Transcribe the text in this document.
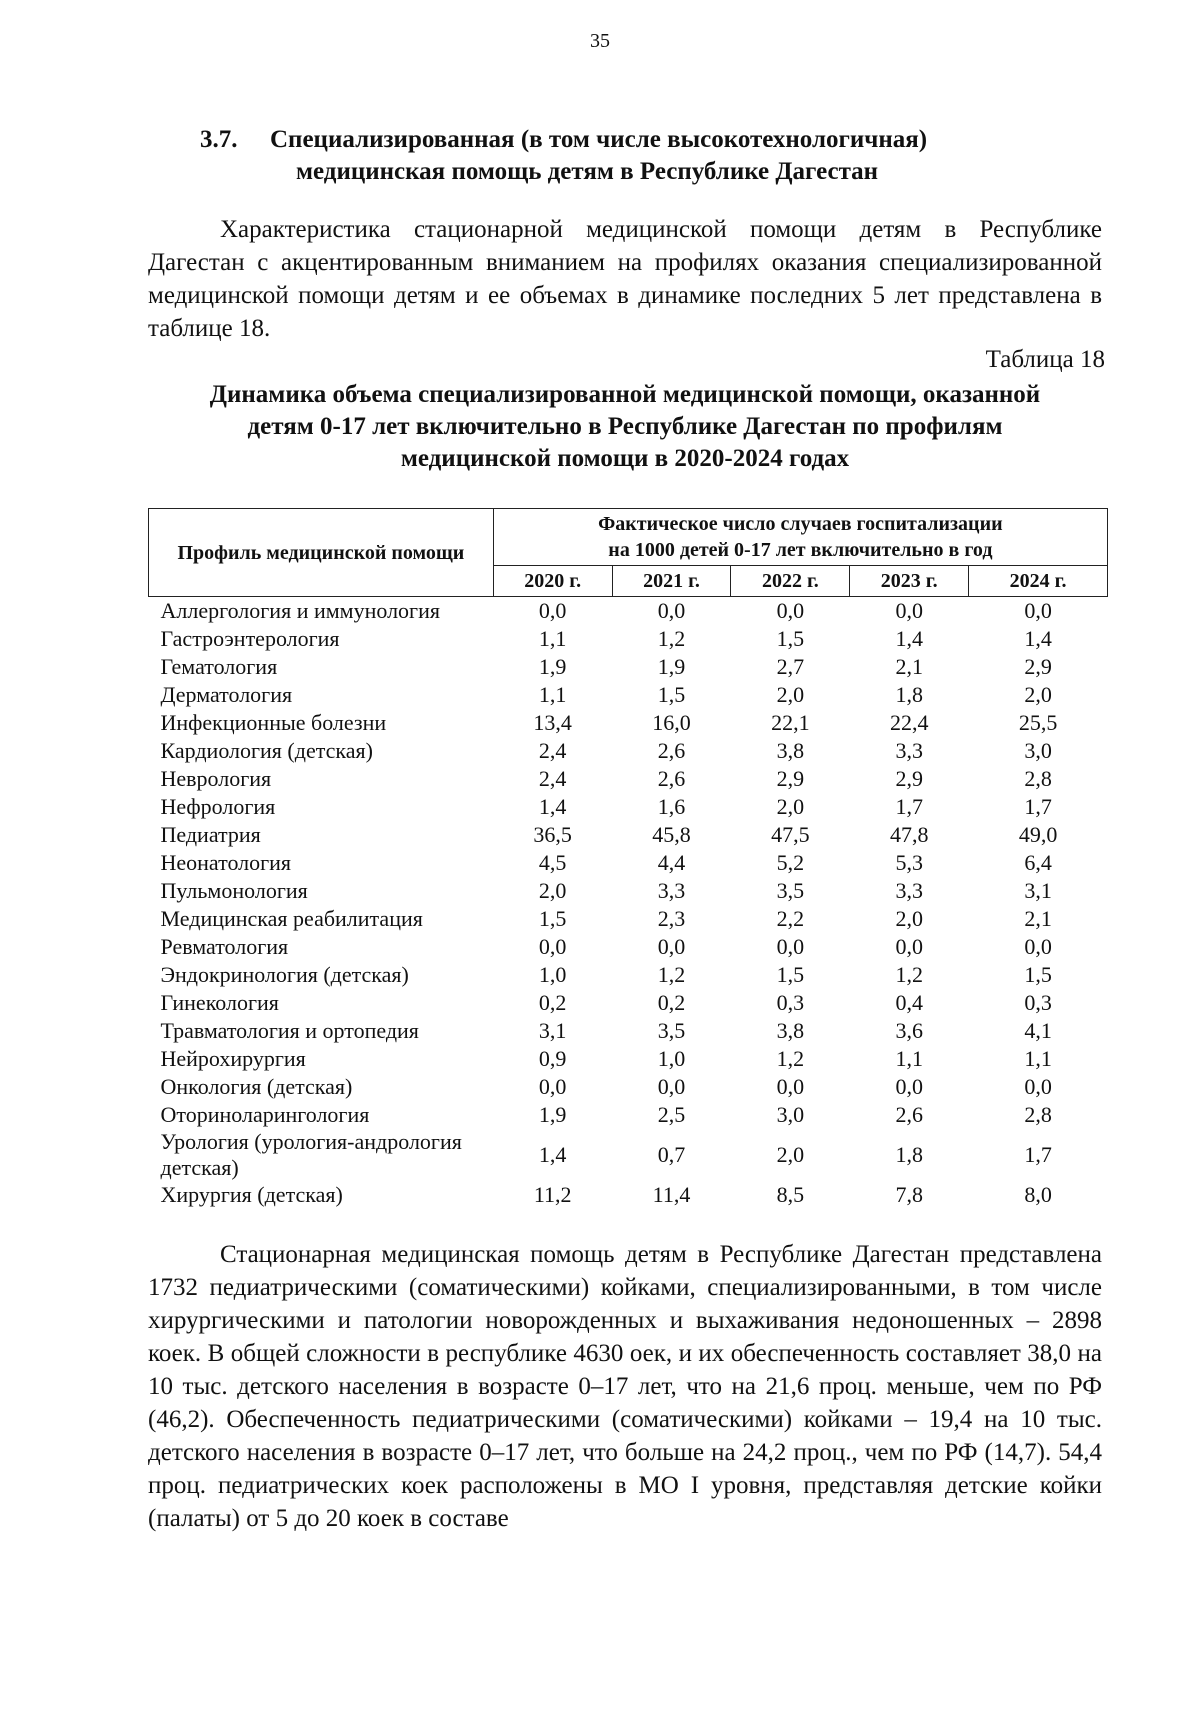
35
3.7. Специализированная (в том числе высокотехнологичная)
медицинская помощь детям в Республике Дагестан

Характеристика стационарной медицинской помощи детям в Республике Дагестан с акцентированным вниманием на профилях оказания специализированной медицинской помощи детям и ее объемах в динамике последних 5 лет представлена в таблице 18.

Таблица 18
Динамика объема специализированной медицинской помощи, оказанной
детям 0-17 лет включительно в Республике Дагестан по профилям
медицинской помощи в 2020-2024 годах
Профиль медицинской помощи	Фактическое число случаев госпитализации
на 1000 детей 0-17 лет включительно в год				

	2020 г.	2021 г.	2022 г.	2023 г.	2024 г.
Аллергология и иммунология	0,0	0,0	0,0	0,0	0,0
Гастроэнтерология	1,1	1,2	1,5	1,4	1,4
Гематология	1,9	1,9	2,7	2,1	2,9
Дерматология	1,1	1,5	2,0	1,8	2,0
Инфекционные болезни	13,4	16,0	22,1	22,4	25,5
Кардиология (детская)	2,4	2,6	3,8	3,3	3,0
Неврология	2,4	2,6	2,9	2,9	2,8
Нефрология	1,4	1,6	2,0	1,7	1,7
Педиатрия	36,5	45,8	47,5	47,8	49,0
Неонатология	4,5	4,4	5,2	5,3	6,4
Пульмонология	2,0	3,3	3,5	3,3	3,1
Медицинская реабилитация	1,5	2,3	2,2	2,0	2,1
Ревматология	0,0	0,0	0,0	0,0	0,0
Эндокринология (детская)	1,0	1,2	1,5	1,2	1,5
Гинекология	0,2	0,2	0,3	0,4	0,3
Травматология и ортопедия	3,1	3,5	3,8	3,6	4,1
Нейрохирургия	0,9	1,0	1,2	1,1	1,1
Онкология (детская)	0,0	0,0	0,0	0,0	0,0
Оториноларингология	1,9	2,5	3,0	2,6	2,8
Урология (урология-андрология детская)	1,4	0,7	2,0	1,8	1,7
Хирургия (детская)	11,2	11,4	8,5	7,8	8,0

Стационарная медицинская помощь детям в Республике Дагестан представлена 1732 педиатрическими (соматическими) койками, специализированными, в том числе хирургическими и патологии новорожденных и выхаживания недоношенных – 2898 коек. В общей сложности в республике 4630 оек, и их обеспеченность составляет 38,0 на 10 тыс. детского населения в возрасте 0–17 лет, что на 21,6 проц. меньше, чем по РФ (46,2). Обеспеченность педиатрическими (соматическими) койками – 19,4 на 10 тыс. детского населения в возрасте 0–17 лет, что больше на 24,2 проц., чем по РФ (14,7). 54,4 проц. педиатрических коек расположены в МО I уровня, представляя детские койки (палаты) от 5 до 20 коек в составе
